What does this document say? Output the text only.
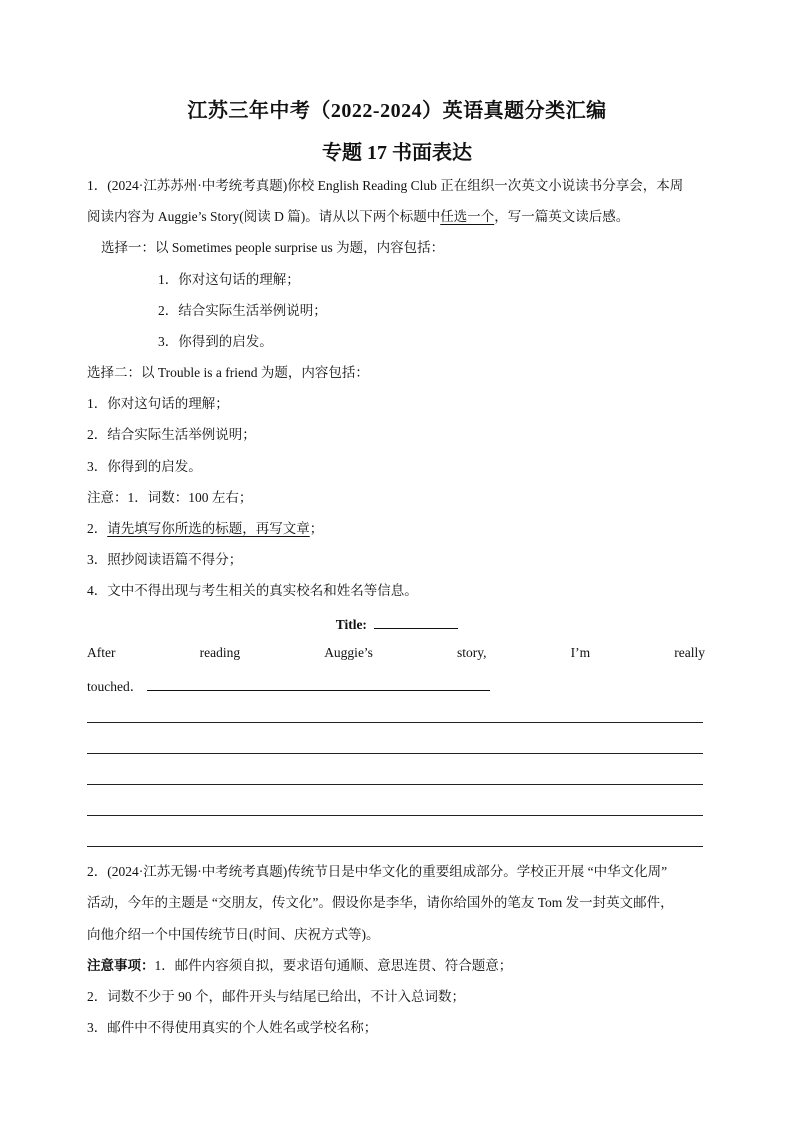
江苏三年中考（2022-2024）英语真题分类汇编
专题 17 书面表达
1．(2024·江苏苏州·中考统考真题)你校 English Reading Club 正在组织一次英文小说读书分享会，本周
阅读内容为 Auggie’s Story(阅读 D 篇)。请从以下两个标题中任选一个，写一篇英文读后感。
选择一：以 Sometimes people surprise us 为题，内容包括：
1．你对这句话的理解；
2．结合实际生活举例说明；
3．你得到的启发。
选择二：以 Trouble is a friend 为题，内容包括：
1．你对这句话的理解；
2．结合实际生活举例说明；
3．你得到的启发。
注意：1．词数：100 左右；
2．请先填写你所选的标题，再写文章；
3．照抄阅读语篇不得分；
4．文中不得出现与考生相关的真实校名和姓名等信息。
Title:
After	reading	Auggie’s	story,	I’m	really
touched．
2．(2024·江苏无锡·中考统考真题)传统节日是中华文化的重要组成部分。学校正开展 “中华文化周”
活动，今年的主题是 “交朋友，传文化”。假设你是李华，请你给国外的笔友 Tom 发一封英文邮件，
向他介绍一个中国传统节日(时间、庆祝方式等)。
注意事项：1．邮件内容须自拟，要求语句通顺、意思连贯、符合题意；
2．词数不少于 90 个，邮件开头与结尾已给出，不计入总词数；
3．邮件中不得使用真实的个人姓名或学校名称；
